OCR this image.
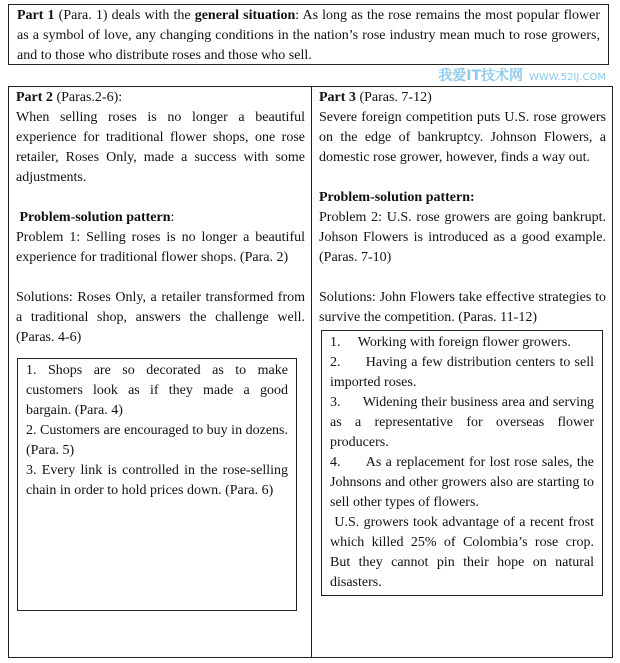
Part 1 (Para. 1) deals with the general situation: As long as the rose remains the most popular flower as a symbol of love, any changing conditions in the nation’s rose industry mean much to rose growers, and to those who distribute roses and those who sell.

Part 2 (Paras.2-6):

When selling roses is no longer a beautiful experience for traditional flower shops, one rose retailer, Roses Only, made a success with some adjustments.

Problem-solution pattern:

Problem 1: Selling roses is no longer a beautiful experience for traditional flower shops. (Para. 2)

Solutions: Roses Only, a retailer transformed from a traditional shop, answers the challenge well. (Paras. 4-6)

1. Shops are so decorated as to make customers look as if they made a good bargain. (Para. 4)

2. Customers are encouraged to buy in dozens. (Para. 5)

3. Every link is controlled in the rose-selling chain in order to hold prices down. (Para. 6)

Part 3 (Paras. 7-12)

Severe foreign competition puts U.S. rose growers on the edge of bankruptcy. Johnson Flowers, a domestic rose grower, however, finds a way out.

Problem-solution pattern:

Problem 2: U.S. rose growers are going bankrupt. Johson Flowers is introduced as a good example. (Paras. 7-10)

Solutions: John Flowers take effective strategies to survive the competition. (Paras. 11-12)

1.     Working with foreign flower growers.

2.      Having a few distribution centers to sell imported roses.

3.      Widening their business area and serving as a representative for overseas flower producers.

4.      As a replacement for lost rose sales, the Johnsons and other growers also are starting to sell other types of flowers.

U.S. growers took advantage of a recent frost which killed 25% of Colombia’s rose crop. But they cannot pin their hope on natural disasters.

我爱IT技术网 WWW.52IJ.COM
